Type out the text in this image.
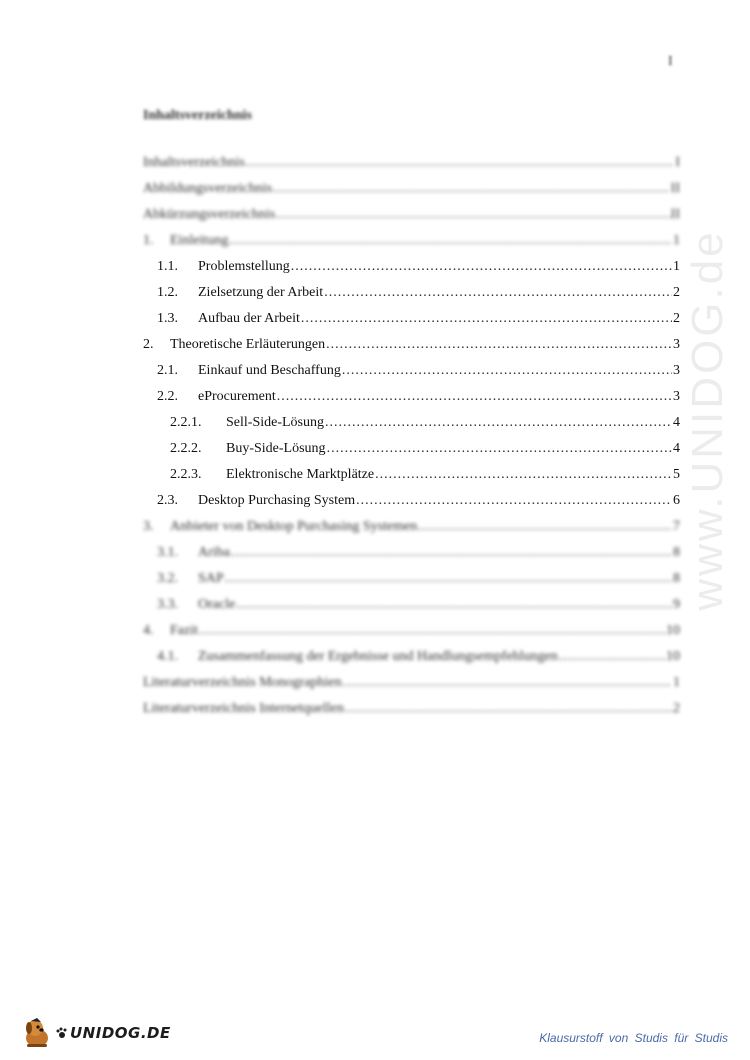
I
Inhaltsverzeichnis
Inhaltsverzeichnis .....	I
Abbildungsverzeichnis .....	II
Abkürzungsverzeichnis .....	II
1.	Einleitung .....	1
1.1.	Problemstellung .....	1
1.2.	Zielsetzung der Arbeit .....	2
1.3.	Aufbau der Arbeit .....	2
2.	Theoretische Erläuterungen .....	3
2.1.	Einkauf und Beschaffung .....	3
2.2.	eProcurement .....	3
2.2.1.	Sell-Side-Lösung .....	4
2.2.2.	Buy-Side-Lösung .....	4
2.2.3.	Elektronische Marktplätze .....	5
2.3.	Desktop Purchasing System .....	6
3.	Anbieter von Desktop Purchasing Systemen .....	7
3.1.	Ariba .....	8
3.2.	SAP .....	8
3.3.	Oracle .....	9
4.	Fazit .....	10
4.1.	Zusammenfassung der Ergebnisse und Handlungsempfehlungen .....	10
Literaturverzeichnis Monographien .....	1
Literaturverzeichnis Internetquellen .....	2
www.UNIDOG.de
UNIDOG.DE	Klausurstoff von Studis für Studis
